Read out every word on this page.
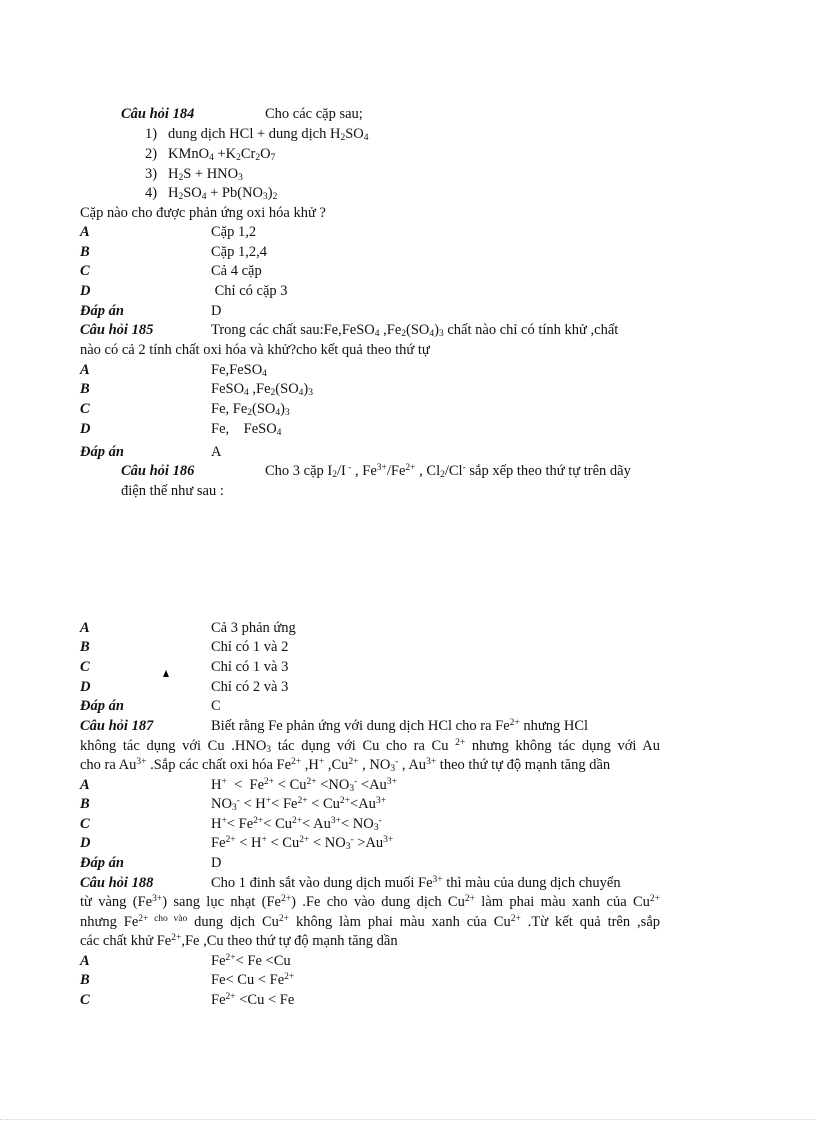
Câu hỏi 184	Cho các cặp sau;
1) dung dịch HCl + dung dịch $H_2SO_4$
2) KMnO$_4$ $+K_2Cr_2O_7$
3) $H_2S + HNO_3$
4) $H_2SO_4 + Pb(NO_3)_2$
Cặp nào cho được phản ứng oxi hóa khử ?
A	Cặp 1,2
B	Cặp 1,2,4
C	Cả 4 cặp
D	Chỉ có cặp 3
Đáp án	D
Câu hỏi 185	Trong các chất sau:Fe,FeSO$_4$ $,Fe_2(SO_4)_3$ chất nào chỉ có tính khử ,chất
nào có cả 2 tính chất oxi hóa và khử?cho kết quả theo thứ tự
A	Fe,FeSO$_4$
B	FeSO$_4$ $,Fe_2(SO_4)_3$
C	Fe, $Fe_2(SO_4)_3$
D	Fe,    FeSO$_4$
Đáp án	A
Câu hỏi 186	Cho 3 cặp $I_2/I$ - , $Fe^{3+}/Fe^{2+}$ , $Cl_2/Cl^-$ sắp xếp theo thứ tự trên dãy
điện thế như sau :
A	Cả 3 phản ứng
B	Chỉ có 1 và 2
C	Chỉ có 1 và 3
D	Chỉ có 2 và 3
Đáp án	C
Câu hỏi 187	Biết rằng Fe phản ứng với dung dịch HCl cho ra $Fe^{2+}$ nhưng HCl
không tác dụng với Cu $.HNO_3$ tác dụng với Cu cho ra Cu $^{2+}$ nhưng không tác dụng với Au
cho ra $Au^{3+}$ .Sắp các chất oxi hóa $Fe^{2+}$ ,H+ $,Cu^{2+}$ , $NO_3^-$ , $Au^{3+}$ theo thứ tự độ mạnh tăng dần
A	$H^+ < Fe^{2+} < Cu^{2+} <NO_3^- <Au^{3+}$
B	$NO_3^- < H^+< Fe^{2+} < Cu^{2+}<Au^{3+}$
C	$H^+< Fe^{2+}< Cu^{2+}< Au^{3+}< NO_3^-$
D	$Fe^{2+} < H^+ < Cu^{2+} < NO_3^- >Au^{3+}$
Đáp án	D
Câu hỏi 188	Cho 1 đinh sắt vào dung dịch muối $Fe^{3+}$ thì màu của dung dịch chuyển
từ vàng $(Fe^{3+})$ sang lục nhạt $(Fe^{2+})$ .Fe cho vào dung dịch $Cu^{2+}$ làm phai màu xanh của $Cu^{2+}$
nhưng $Fe^{2+ cho vào}$ dung dịch $Cu^{2+}$ không làm phai màu xanh của $Cu^{2+}$ .Từ kết quả trên ,sắp
các chất khử $Fe^{2+},Fe$ ,Cu theo thứ tự độ mạnh tăng dần
A	$Fe^{2+}< Fe <Cu$
B	$Fe< Cu < Fe^{2+}$
C	$Fe^{2+} <Cu < Fe$
